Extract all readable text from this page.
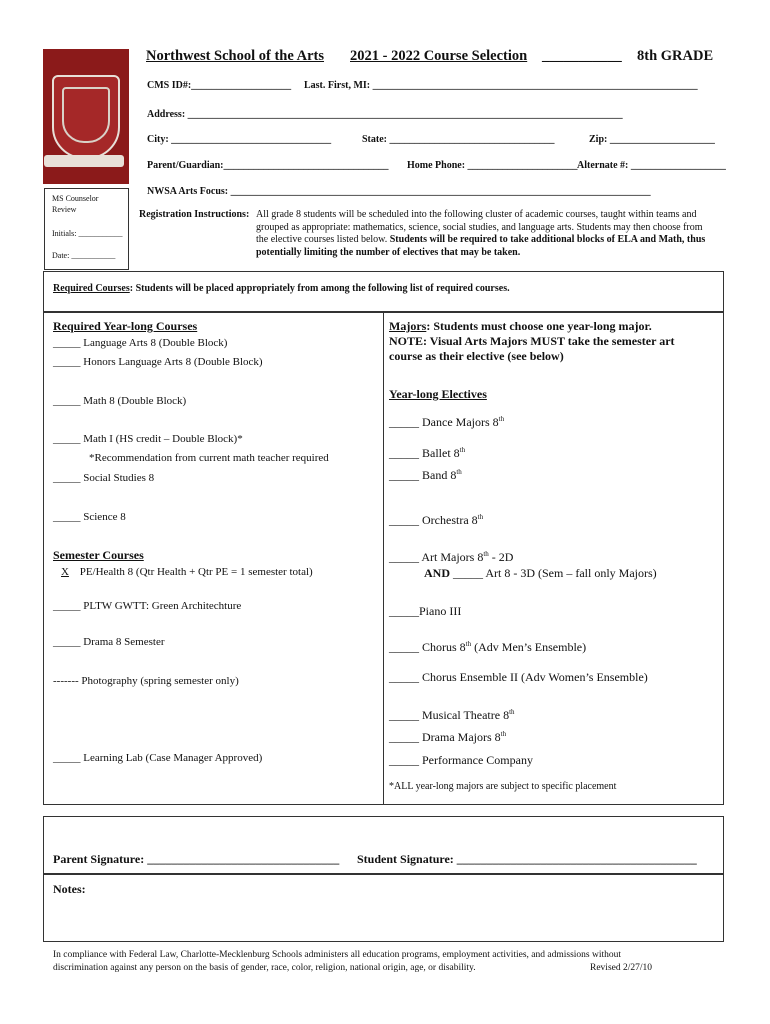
Northwest School of the Arts 2021 - 2022 Course Selection ___________ 8th GRADE
CMS ID#:____________________ Last. First, MI: _________________________________________________________________
Address: _______________________________________________________________________________________
City: ________________________________	State: _________________________________	Zip: _____________________
Parent/Guardian:_________________________________ Home Phone: ______________________ Alternate #: ___________________
NWSA Arts Focus: ____________________________________________________________________________________
MS Counselor
Review
Initials: ___________
Date: ___________
Registration Instructions: All grade 8 students will be scheduled into the following cluster of academic courses, taught within teams and
grouped as appropriate: mathematics, science, social studies, and language arts. Students may then choose from
the elective courses listed below. Students will be required to take additional blocks of ELA and Math, thus
potentially limiting the number of electives that may be taken.
Required Courses: Students will be placed appropriately from among the following list of required courses.
Required Year-long Courses
_____ Language Arts 8 (Double Block)
_____ Honors Language Arts 8 (Double Block)
_____ Math 8 (Double Block)
_____ Math I (HS credit – Double Block)*
*Recommendation from current math teacher required
_____ Social Studies 8
_____ Science 8
Semester Courses
X PE/Health 8 (Qtr Health + Qtr PE = 1 semester total)
_____ PLTW GWTT: Green Architechture
_____ Drama 8 Semester
------- Photography (spring semester only)
_____ Learning Lab (Case Manager Approved)
Majors: Students must choose one year-long major.
NOTE: Visual Arts Majors MUST take the semester art
course as their elective (see below)
Year-long Electives
_____ Dance Majors 8th
_____ Ballet 8th
_____ Band 8th
_____ Orchestra 8th
_____ Art Majors 8th - 2D
AND _____ Art 8 - 3D (Sem – fall only Majors)
_____Piano III
_____ Chorus 8th (Adv Men’s Ensemble)
_____ Chorus Ensemble II (Adv Women’s Ensemble)
_____ Musical Theatre 8th
_____ Drama Majors 8th
_____ Performance Company
*ALL year-long majors are subject to specific placement
Parent Signature: ________________________________ Student Signature: ________________________________________
Notes:
In compliance with Federal Law, Charlotte-Mecklenburg Schools administers all education programs, employment activities, and admissions without
discrimination against any person on the basis of gender, race, color, religion, national origin, age, or disability.	Revised 2/27/10
